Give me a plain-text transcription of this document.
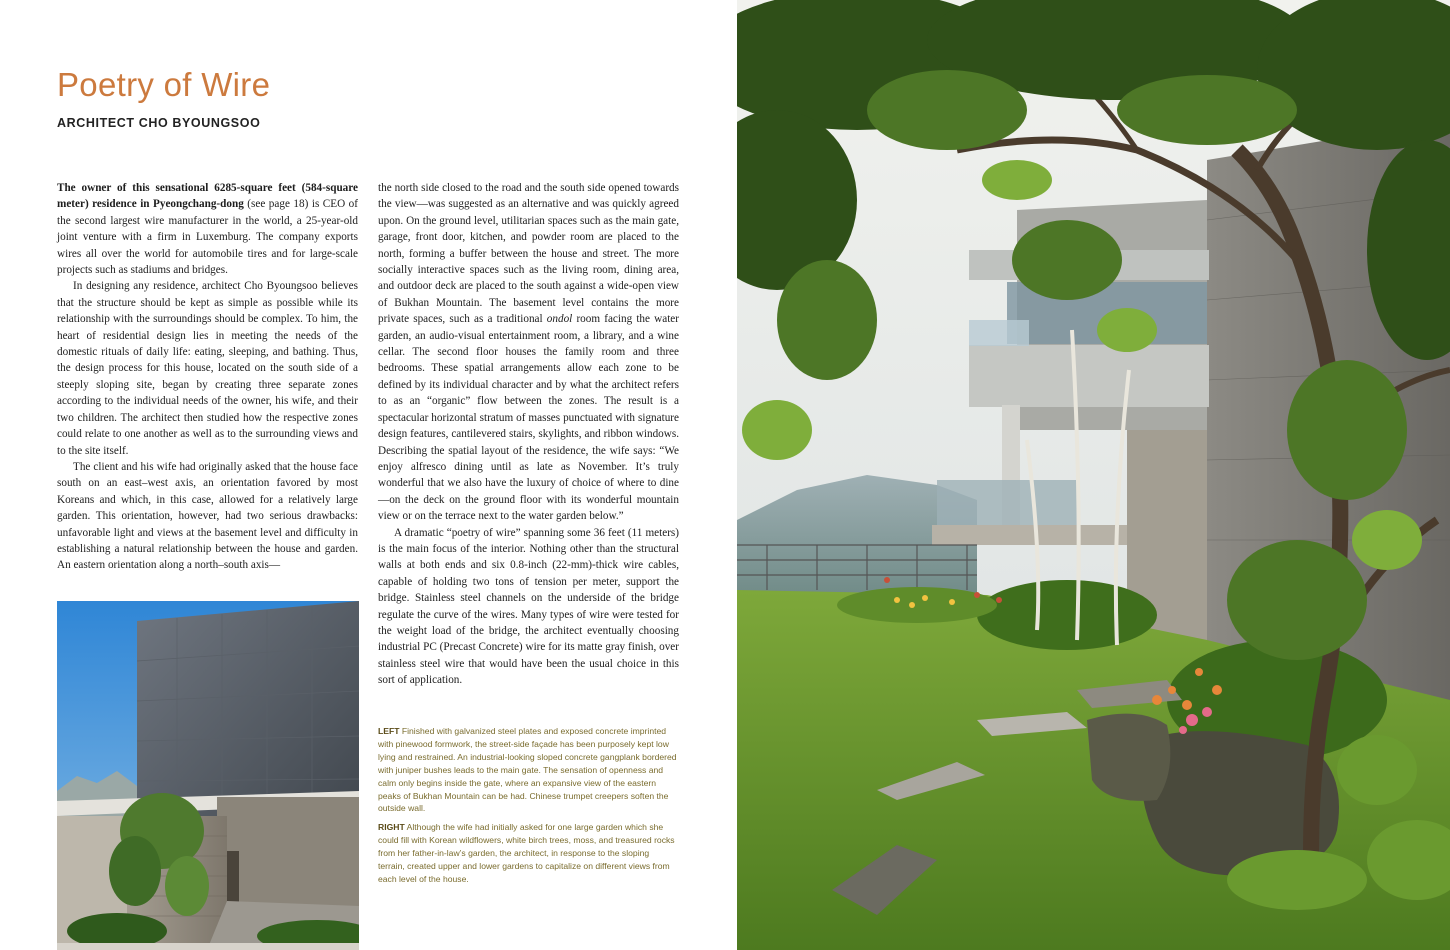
Poetry of Wire
ARCHITECT CHO BYOUNGSOO

The owner of this sensational 6285-square feet (584-square meter) residence in Pyeongchang-dong (see page 18) is CEO of the second largest wire manufacturer in the world, a 25-year-old joint venture with a firm in Luxemburg. The company exports wires all over the world for automobile tires and for large-scale projects such as stadiums and bridges.

In designing any residence, architect Cho Byoungsoo believes that the structure should be kept as simple as possible while its relationship with the surroundings should be complex. To him, the heart of residential design lies in meeting the needs of the domestic rituals of daily life: eating, sleeping, and bathing. Thus, the design process for this house, located on the south side of a steeply sloping site, began by creating three separate zones according to the individual needs of the owner, his wife, and their two children. The architect then studied how the respective zones could relate to one another as well as to the surrounding views and to the site itself.

The client and his wife had originally asked that the house face south on an east–west axis, an orientation favored by most Koreans and which, in this case, allowed for a relatively large garden. This orientation, however, had two serious drawbacks: unfavorable light and views at the basement level and difficulty in establishing a natural relationship between the house and garden. An eastern orientation along a north–south axis—

the north side closed to the road and the south side opened towards the view—was suggested as an alternative and was quickly agreed upon. On the ground level, utilitarian spaces such as the main gate, garage, front door, kitchen, and powder room are placed to the north, forming a buffer between the house and street. The more socially interactive spaces such as the living room, dining area, and outdoor deck are placed to the south against a wide-open view of Bukhan Mountain. The basement level contains the more private spaces, such as a traditional ondol room facing the water garden, an audio-visual entertainment room, a library, and a wine cellar. The second floor houses the family room and three bedrooms. These spatial arrangements allow each zone to be defined by its individual character and by what the architect refers to as an “organic” flow between the zones. The result is a spectacular horizontal stratum of masses punctuated with signature design features, cantilevered stairs, skylights, and ribbon windows. Describing the spatial layout of the residence, the wife says: “We enjoy alfresco dining until as late as November. It’s truly wonderful that we also have the luxury of choice of where to dine—on the deck on the ground floor with its wonderful mountain view or on the terrace next to the water garden below.”

A dramatic “poetry of wire” spanning some 36 feet (11 meters) is the main focus of the interior. Nothing other than the structural walls at both ends and six 0.8-inch (22-mm)-thick wire cables, capable of holding two tons of tension per meter, support the bridge. Stainless steel channels on the underside of the bridge regulate the curve of the wires. Many types of wire were tested for the weight load of the bridge, the architect eventually choosing industrial PC (Precast Concrete) wire for its matte gray finish, over stainless steel wire that would have been the usual choice in this sort of application.

LEFT Finished with galvanized steel plates and exposed concrete imprinted with pinewood formwork, the street-side façade has been purposely kept low lying and restrained. An industrial-looking sloped concrete gangplank bordered with juniper bushes leads to the main gate. The sensation of openness and calm only begins inside the gate, where an expansive view of the eastern peaks of Bukhan Mountain can be had. Chinese trumpet creepers soften the outside wall.

RIGHT Although the wife had initially asked for one large garden which she could fill with Korean wildflowers, white birch trees, moss, and treasured rocks from her father-in-law’s garden, the architect, in response to the sloping terrain, created upper and lower gardens to capitalize on different views from each level of the house.
